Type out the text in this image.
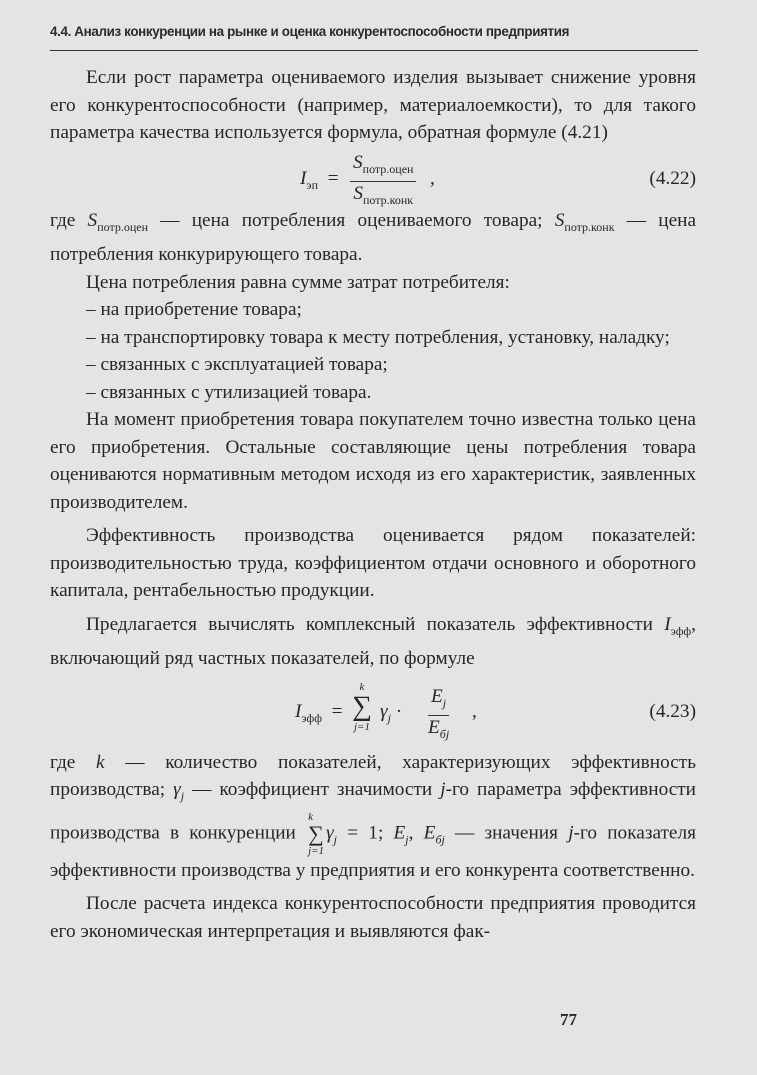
4.4. Анализ конкуренции на рынке и оценка конкурентоспособности предприятия

Если рост параметра оцениваемого изделия вызывает снижение уровня его конкурентоспособности (например, материалоемкости), то для такого параметра качества используется формула, обратная формуле (4.21)

$I_{эп}$  =
$S_{потр.оцен}$
$S_{потр.конк}$
,	(4.22)

где $S_{потр.оцен}$ — цена потребления оцениваемого товара; $S_{потр.конк}$ — цена потребления конкурирующего товара.

Цена потребления равна сумме затрат потребителя:

– на приобретение товара;

– на транспортировку товара к месту потребления, установку, наладку;

– связанных с эксплуатацией товара;

– связанных с утилизацией товара.

На момент приобретения товара покупателем точно известна только цена его приобретения. Остальные составляющие цены потребления товара оцениваются нормативным методом исходя из его характеристик, заявленных производителем.

Эффективность производства оценивается рядом показателей: производительностью труда, коэффициентом отдачи основного и оборотного капитала, рентабельностью продукции.

Предлагается вычислять комплексный показатель эффективности $I_{эфф}$, включающий ряд частных показателей, по формуле

$I_{эфф}$  =
k
∑
j=1
$\gamma_j$ ·
$E_j$
$E_{бj}$
,	(4.23)

где k — количество показателей, характеризующих эффективность производства; $\gamma_j$ — коэффициент значимости j-го параметра эффективности производства в конкуренции
k
∑
j=1
$\gamma_j = 1$; $E_j$, $E_{бj}$ — значения j-го показателя эффективности производства у предприятия и его конкурента соответственно.

После расчета индекса конкурентоспособности предприятия проводится его экономическая интерпретация и выявляются фак-

77
